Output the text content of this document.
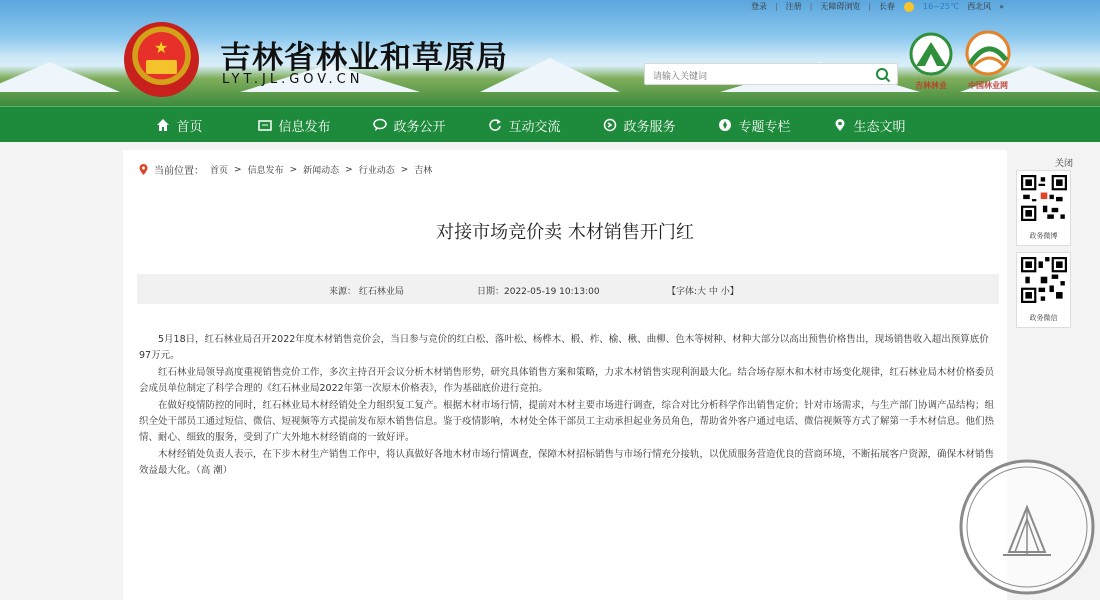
登录 | 注册 | 无障碍浏览 | 长春	16~25℃ 西北风 »
★ 吉林省林业和草原局
LYT.JL.GOV.CN
请输入关键词	吉林林业	中国林业网
首页	信息发布	政务公开	互动交流	政务服务	专题专栏	生态文明
当前位置： 首页 > 信息发布 > 新闻动态 > 行业动态 > 吉林
对接市场竞价卖 木材销售开门红
来源： 红石林业局	日期：2022-05-19 10:13:00	【字体:大 中 小】

5月18日，红石林业局召开2022年度木材销售竞价会，当日参与竞价的红白松、落叶松、杨桦木、椴、柞、榆、楸、曲柳、色木等树种、材种大部分以高出预售价格售出，现场销售收入超出预算底价97万元。

红石林业局领导高度重视销售竞价工作，多次主持召开会议分析木材销售形势，研究具体销售方案和策略，力求木材销售实现利润最大化。结合场存原木和木材市场变化规律，红石林业局木材价格委员会成员单位制定了科学合理的《红石林业局2022年第一次原木价格表》，作为基础底价进行竞拍。

在做好疫情防控的同时，红石林业局木材经销处全力组织复工复产。根据木材市场行情，提前对木材主要市场进行调查，综合对比分析科学作出销售定价；针对市场需求，与生产部门协调产品结构；组织全处干部员工通过短信、微信、短视频等方式提前发布原木销售信息。鉴于疫情影响，木材处全体干部员工主动承担起业务员角色，帮助省外客户通过电话、微信视频等方式了解第一手木材信息。他们热情、耐心、细致的服务，受到了广大外地木材经销商的一致好评。

木材经销处负责人表示，在下步木材生产销售工作中，将认真做好各地木材市场行情调查，保障木材招标销售与市场行情充分接轨，以优质服务营造优良的营商环境，不断拓展客户资源，确保木材销售效益最大化。（高 潮）

关闭
政务微博
政务微信
